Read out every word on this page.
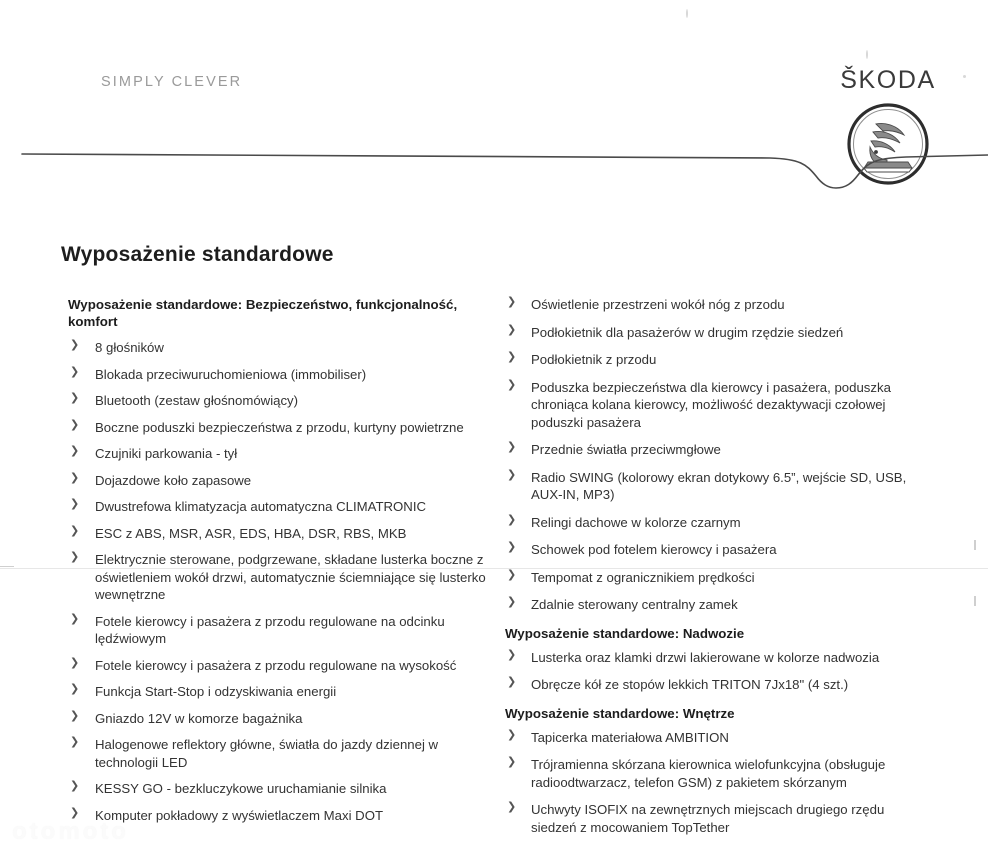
SIMPLY CLEVER	ŠKODA
Wyposażenie standardowe
Wyposażenie standardowe: Bezpieczeństwo, funkcjonalność, komfort
❯ 8 głośników
❯ Blokada przeciwuruchomieniowa (immobiliser)
❯ Bluetooth (zestaw głośnomówiący)
❯ Boczne poduszki bezpieczeństwa z przodu, kurtyny powietrzne
❯ Czujniki parkowania - tył
❯ Dojazdowe koło zapasowe
❯ Dwustrefowa klimatyzacja automatyczna CLIMATRONIC
❯ ESC z ABS, MSR, ASR, EDS, HBA, DSR, RBS, MKB
❯ Elektrycznie sterowane, podgrzewane, składane lusterka boczne z oświetleniem wokół drzwi, automatycznie ściemniające się lusterko wewnętrzne
❯ Fotele kierowcy i pasażera z przodu regulowane na odcinku lędźwiowym
❯ Fotele kierowcy i pasażera z przodu regulowane na wysokość
❯ Funkcja Start-Stop i odzyskiwania energii
❯ Gniazdo 12V w komorze bagażnika
❯ Halogenowe reflektory główne, światła do jazdy dziennej w technologii LED
❯ KESSY GO - bezkluczykowe uruchamianie silnika
❯ Komputer pokładowy z wyświetlaczem Maxi DOT
❯ Oświetlenie przestrzeni wokół nóg z przodu
❯ Podłokietnik dla pasażerów w drugim rzędzie siedzeń
❯ Podłokietnik z przodu
❯ Poduszka bezpieczeństwa dla kierowcy i pasażera, poduszka chroniąca kolana kierowcy, możliwość dezaktywacji czołowej poduszki pasażera
❯ Przednie światła przeciwmgłowe
❯ Radio SWING (kolorowy ekran dotykowy 6.5”, wejście SD, USB, AUX-IN, MP3)
❯ Relingi dachowe w kolorze czarnym
❯ Schowek pod fotelem kierowcy i pasażera
❯ Tempomat z ogranicznikiem prędkości
❯ Zdalnie sterowany centralny zamek
Wyposażenie standardowe: Nadwozie
❯ Lusterka oraz klamki drzwi lakierowane w kolorze nadwozia
❯ Obręcze kół ze stopów lekkich TRITON 7Jx18" (4 szt.)
Wyposażenie standardowe: Wnętrze
❯ Tapicerka materiałowa AMBITION
❯ Trójramienna skórzana kierownica wielofunkcyjna (obsługuje radioodtwarzacz, telefon GSM) z pakietem skórzanym
❯ Uchwyty ISOFIX na zewnętrznych miejscach drugiego rzędu siedzeń z mocowaniem TopTether
otomoto
